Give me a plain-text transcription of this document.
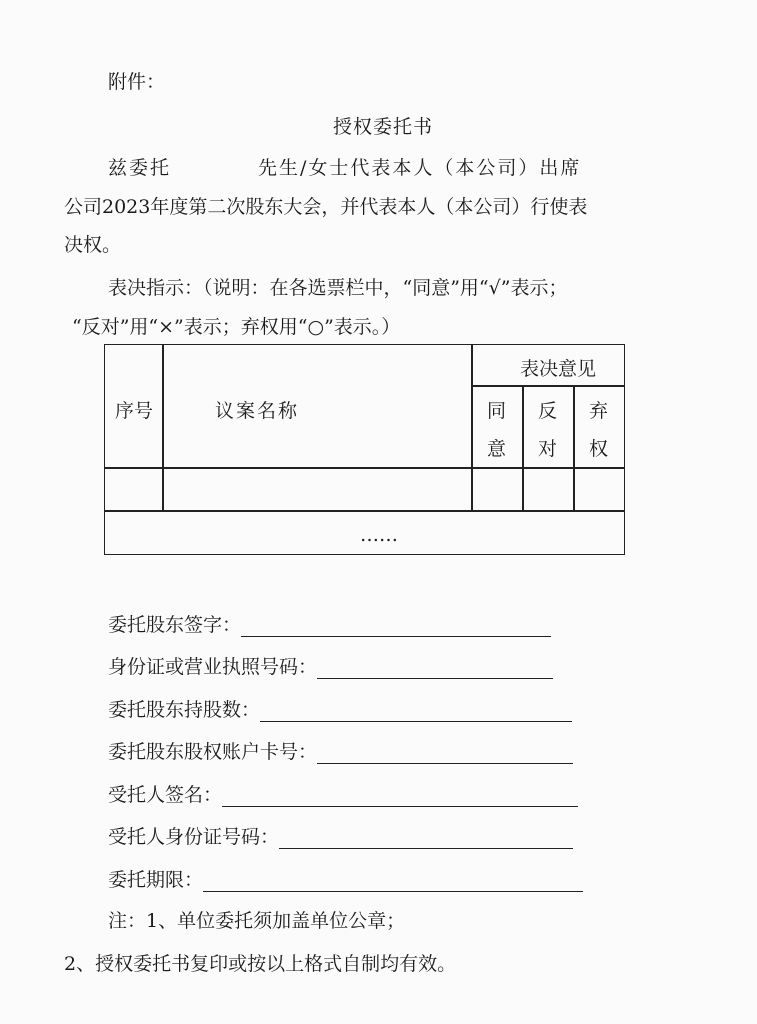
附件：
授权委托书
兹委托	先生/女士代表本人（本公司）出席
公司2023年度第二次股东大会，并代表本人（本公司）行使表
决权。
表决指示：（说明：在各选票栏中，“同意”用“√”表示；
“反对”用“×”表示；弃权用“○”表示。）
序号	议案名称
表决意见
同
意
反
对
弃
权
……
委托股东签字：
身份证或营业执照号码：
委托股东持股数：
委托股东股权账户卡号：
受托人签名：
受托人身份证号码：
委托期限：
注：1、单位委托须加盖单位公章；
2、授权委托书复印或按以上格式自制均有效。
